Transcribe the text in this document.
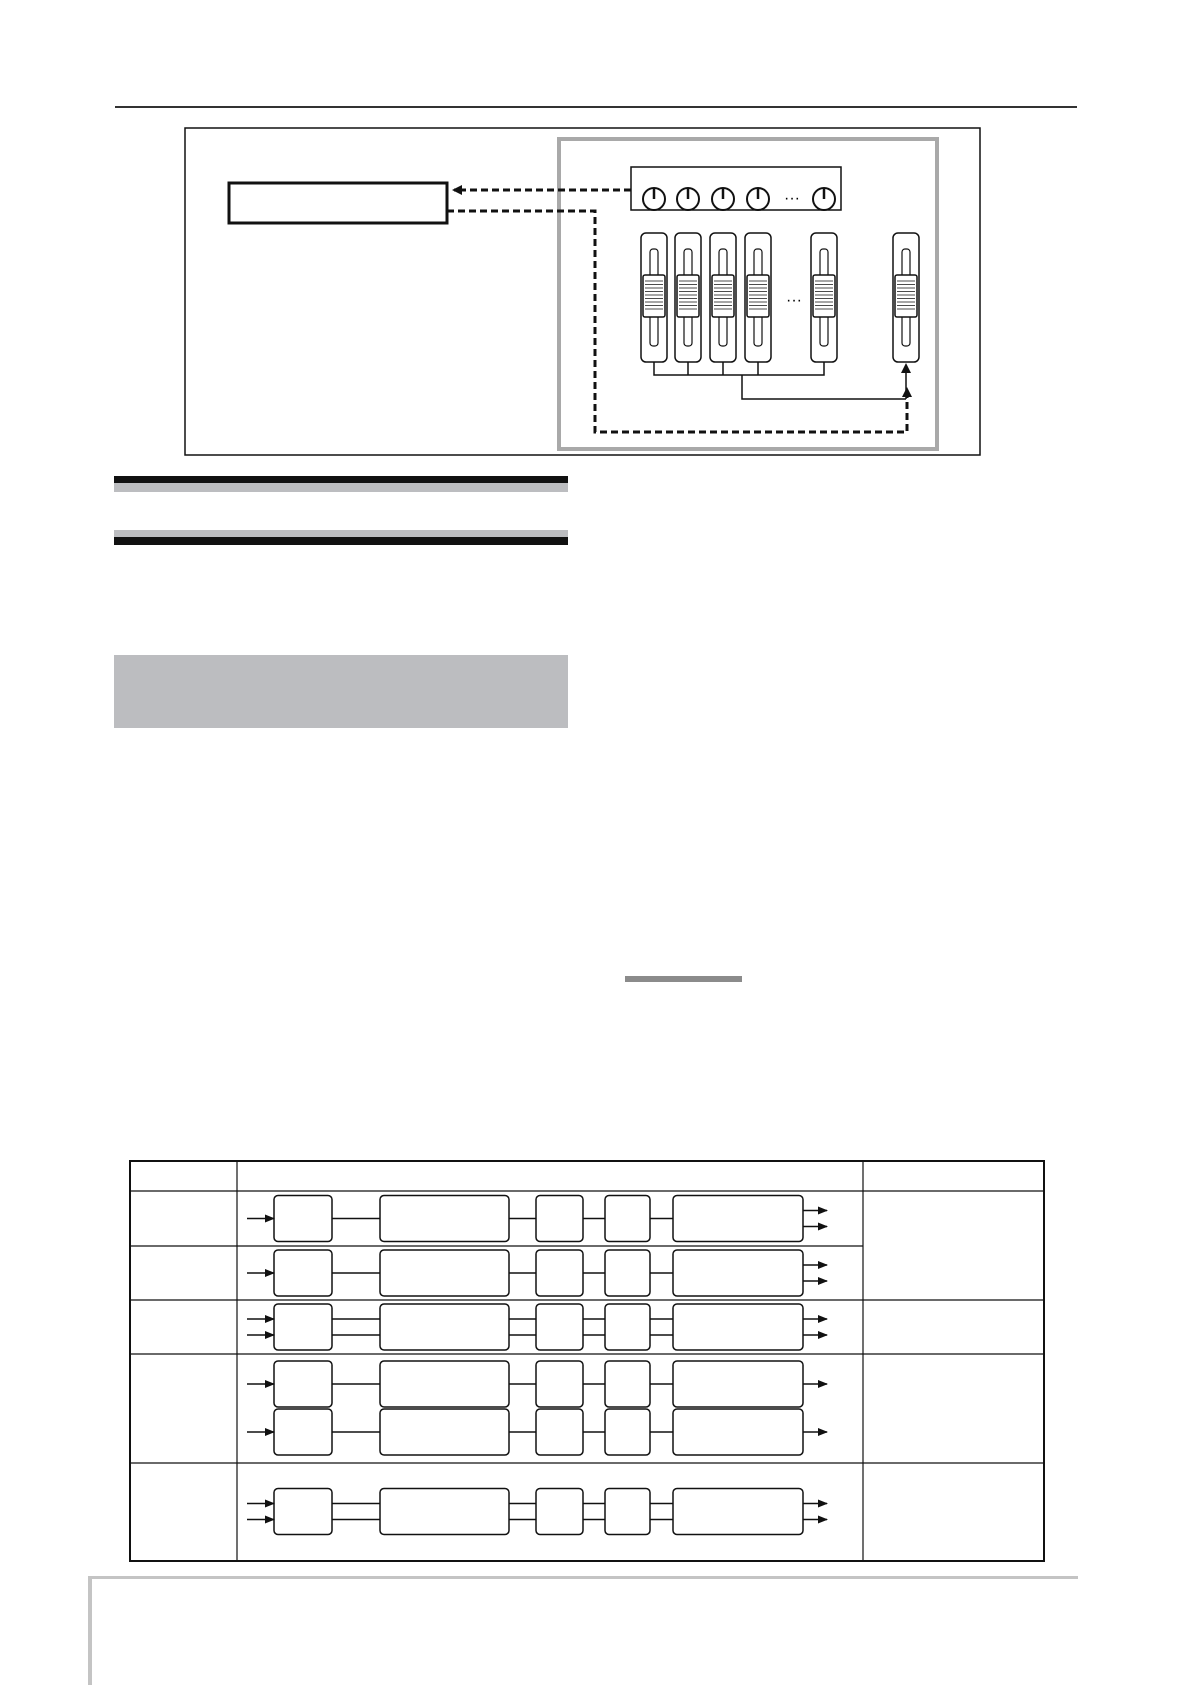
···
···
